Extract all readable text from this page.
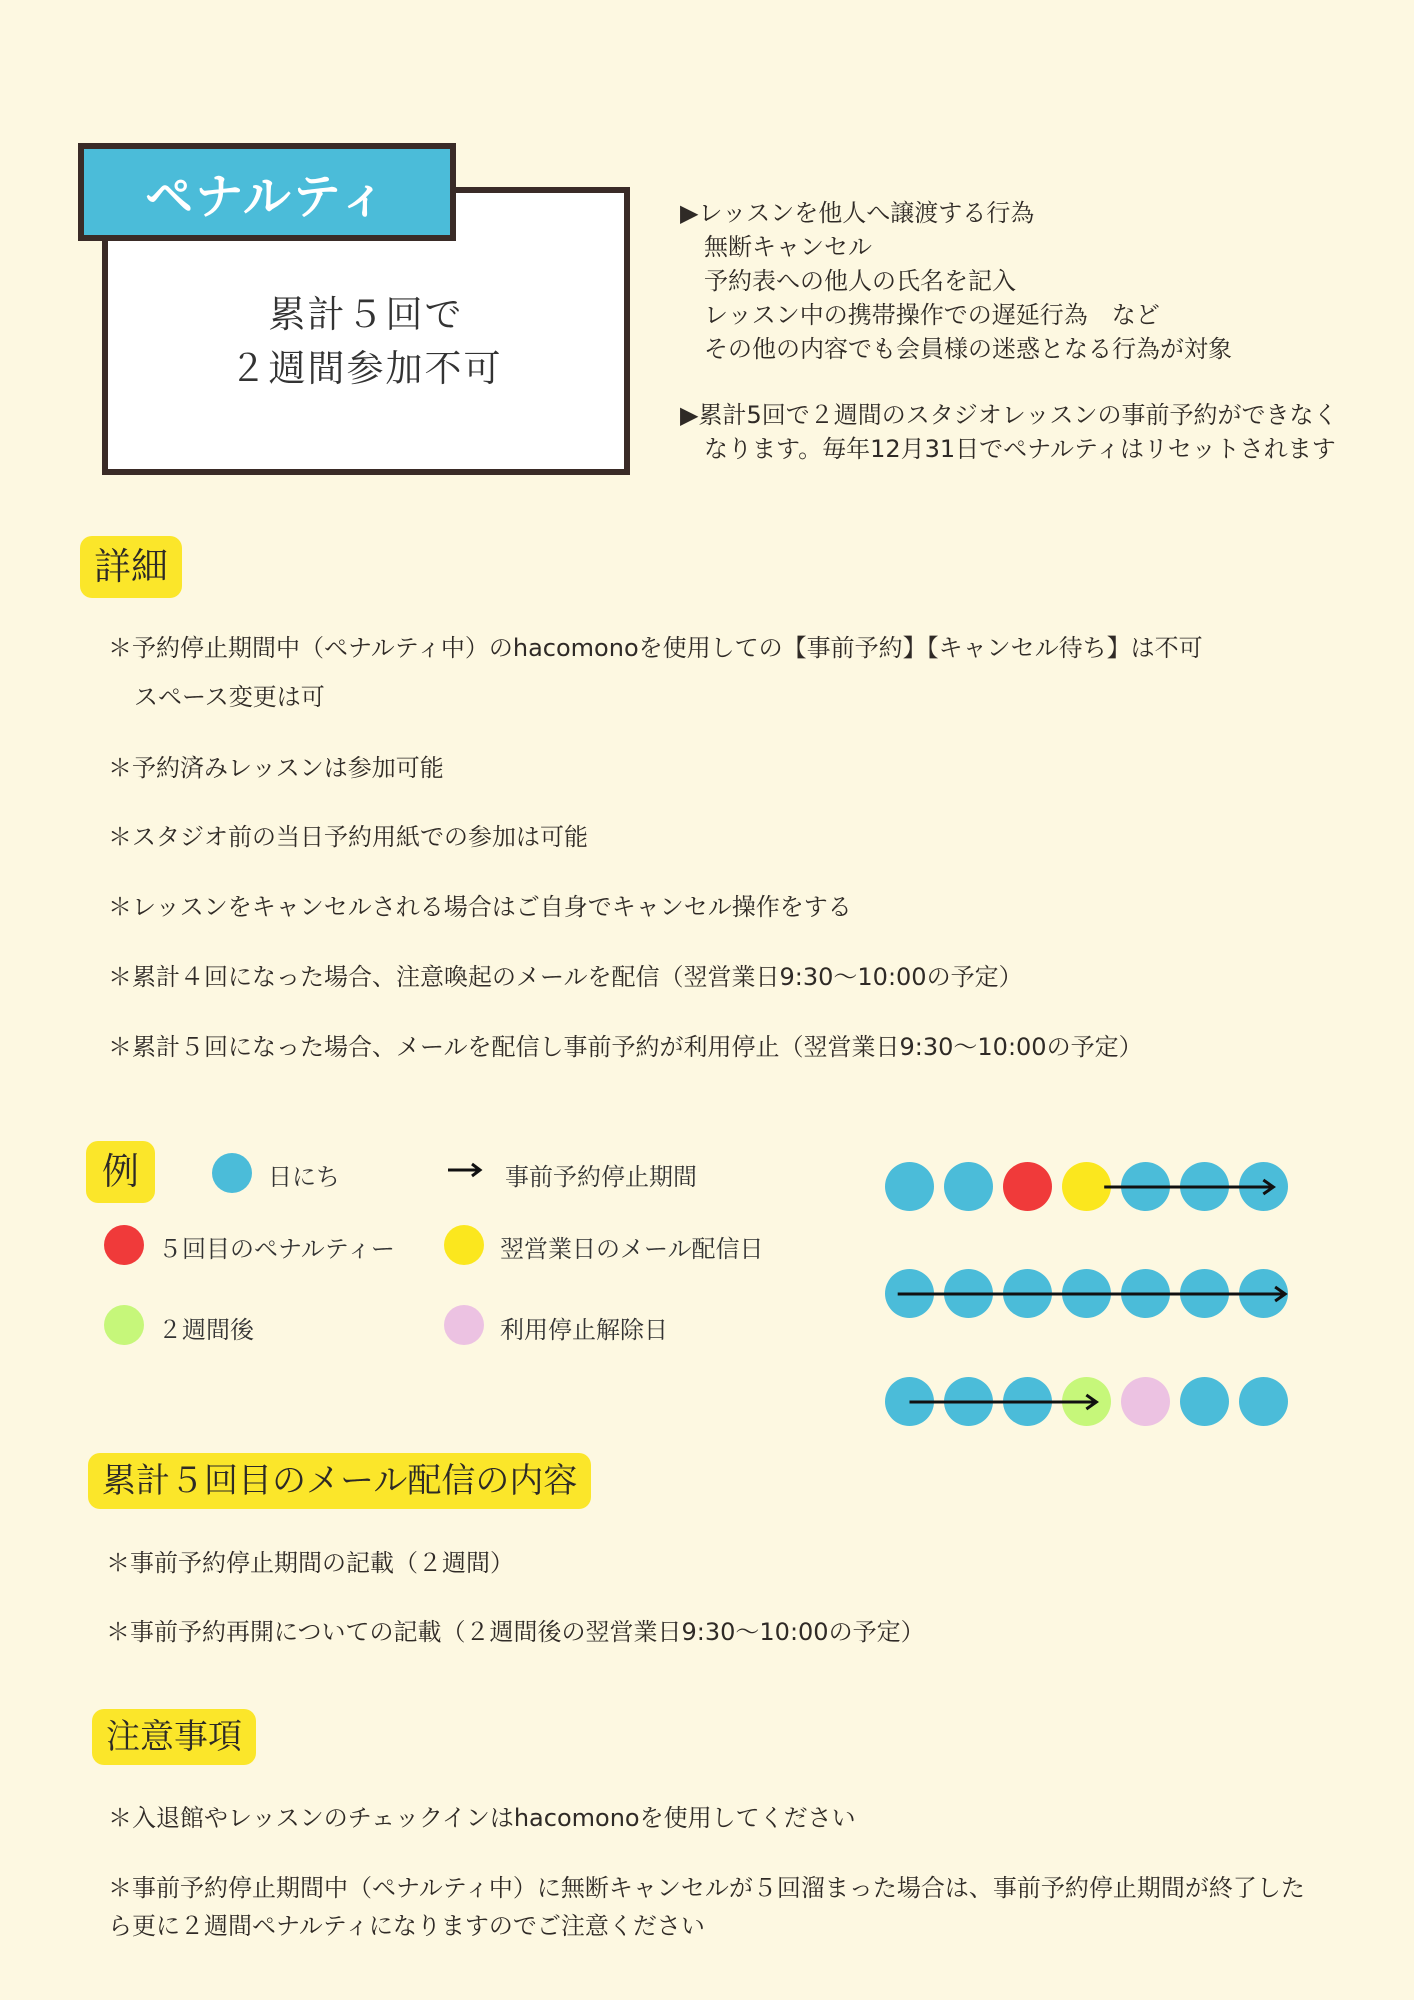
累計５回で
２週間参加不可
ペナルティ	▶レッスンを他人へ譲渡する行為
無断キャンセル
予約表への他人の氏名を記入
レッスン中の携帯操作での遅延行為　など
その他の内容でも会員様の迷惑となる行為が対象
▶累計5回で２週間のスタジオレッスンの事前予約ができなく
なります。毎年12月31日でペナルティはリセットされます
詳細
＊予約停止期間中（ペナルティ中）のhacomonoを使用しての【事前予約】【キャンセル待ち】は不可
スペース変更は可
＊予約済みレッスンは参加可能
＊スタジオ前の当日予約用紙での参加は可能
＊レッスンをキャンセルされる場合はご自身でキャンセル操作をする
＊累計４回になった場合、注意喚起のメールを配信（翌営業日9:30〜10:00の予定）
＊累計５回になった場合、メールを配信し事前予約が利用停止（翌営業日9:30〜10:00の予定）
例	日にち	事前予約停止期間
５回目のペナルティー	翌営業日のメール配信日
２週間後	利用停止解除日
累計５回目のメール配信の内容
＊事前予約停止期間の記載（２週間）
＊事前予約再開についての記載（２週間後の翌営業日9:30〜10:00の予定）
注意事項
＊入退館やレッスンのチェックインはhacomonoを使用してください
＊事前予約停止期間中（ペナルティ中）に無断キャンセルが５回溜まった場合は、事前予約停止期間が終了した
ら更に２週間ペナルティになりますのでご注意ください
